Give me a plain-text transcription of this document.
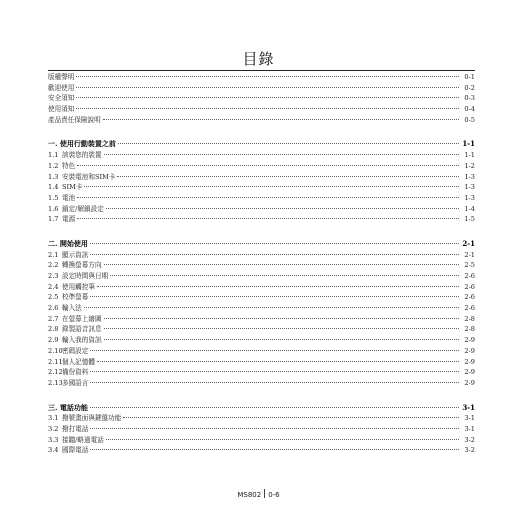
目錄
版權聲明	0-1
歡迎使用	0-2
安全須知	0-3
使用須知	0-4
產品責任保險說明	0-5
一. 使用行動裝置之前	1-1
1.1 該裝您的裝置	1-1
1.2 特色	1-2
1.3 安裝電池和SIM卡	1-3
1.4 SIM卡	1-3
1.5 電池	1-3
1.6 鎖定/解鎖設定	1-4
1.7 電源	1-5
二. 開始使用	2-1
2.1 顯示資訊	2-1
2.2 轉換螢幕方向	2-5
2.3 設定時間與日期	2-6
2.4 使用觸控筆	2-6
2.5 校準螢幕	2-6
2.6 輸入法	2-6
2.7 在螢幕上繪圖	2-8
2.8 錄製語音訊息	2-8
2.9 輸入我的資訊	2-9
2.10 密碼設定	2-9
2.11 個人記憶體	2-9
2.12 備份資料	2-9
2.13 多國語言	2-9
三. 電話功能	3-1
3.1 撥號畫面與鍵盤功能	3-1
3.2 撥打電話	3-1
3.3 接聽/略過電話	3-2
3.4 國際電話	3-2
MS802 0-6
